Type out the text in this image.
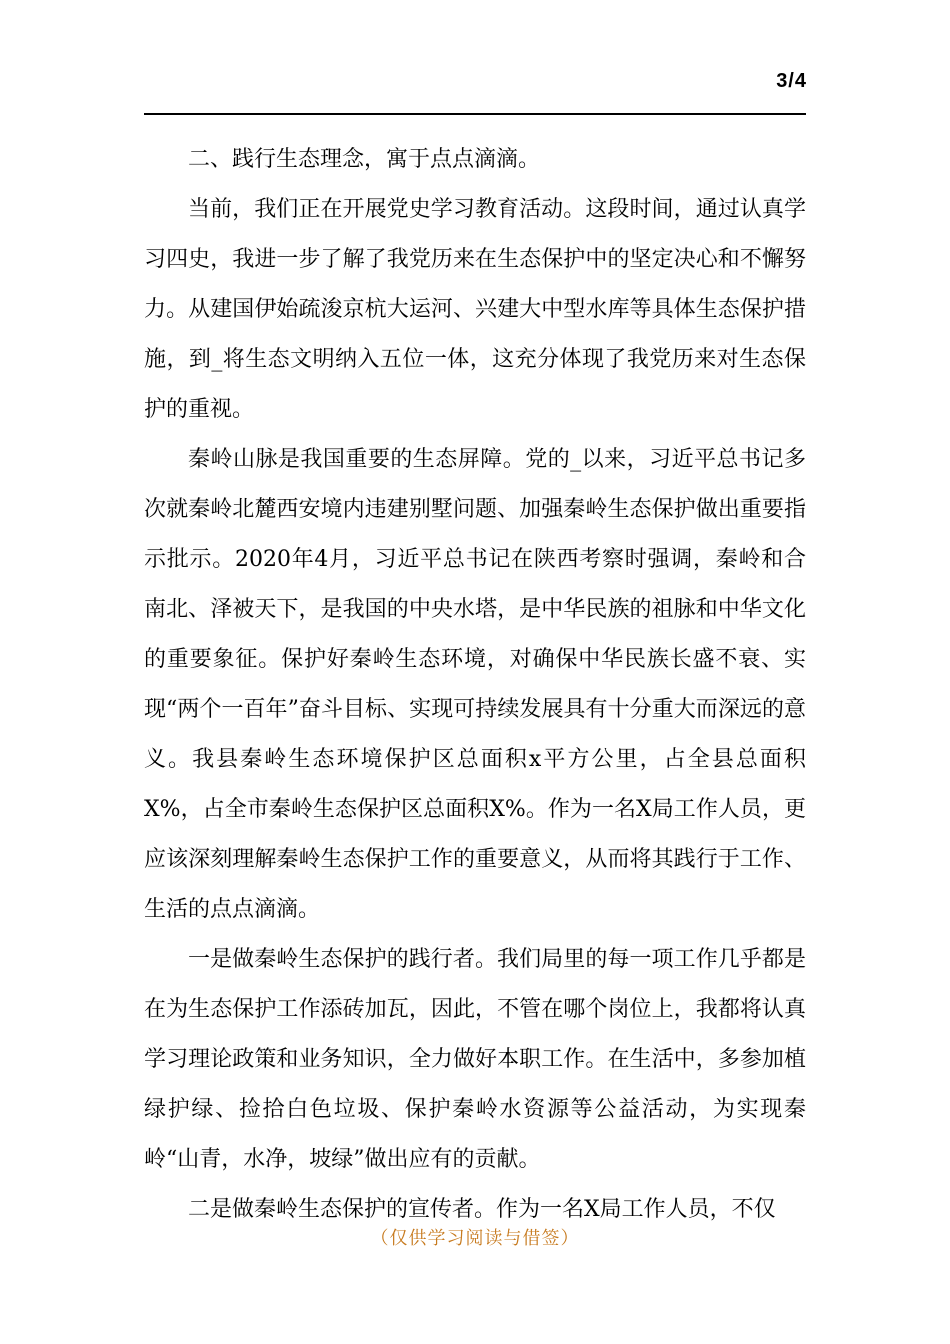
3/4

二、践行生态理念，寓于点点滴滴。

当前，我们正在开展党史学习教育活动。这段时间，通过认真学习四史，我进一步了解了我党历来在生态保护中的坚定决心和不懈努力。从建国伊始疏浚京杭大运河、兴建大中型水库等具体生态保护措施，到_将生态文明纳入五位一体，这充分体现了我党历来对生态保护的重视。

秦岭山脉是我国重要的生态屏障。党的_以来，习近平总书记多次就秦岭北麓西安境内违建别墅问题、加强秦岭生态保护做出重要指示批示。2020年4月，习近平总书记在陕西考察时强调，秦岭和合南北、泽被天下，是我国的中央水塔，是中华民族的祖脉和中华文化的重要象征。保护好秦岭生态环境，对确保中华民族长盛不衰、实现“两个一百年”奋斗目标、实现可持续发展具有十分重大而深远的意义。我县秦岭生态环境保护区总面积x平方公里，占全县总面积X%，占全市秦岭生态保护区总面积X%。作为一名X局工作人员，更应该深刻理解秦岭生态保护工作的重要意义，从而将其践行于工作、生活的点点滴滴。

一是做秦岭生态保护的践行者。我们局里的每一项工作几乎都是在为生态保护工作添砖加瓦，因此，不管在哪个岗位上，我都将认真学习理论政策和业务知识，全力做好本职工作。在生活中，多参加植绿护绿、捡拾白色垃圾、保护秦岭水资源等公益活动，为实现秦岭“山青，水净，坡绿”做出应有的贡献。

二是做秦岭生态保护的宣传者。作为一名X局工作人员，不仅

（仅供学习阅读与借签）
